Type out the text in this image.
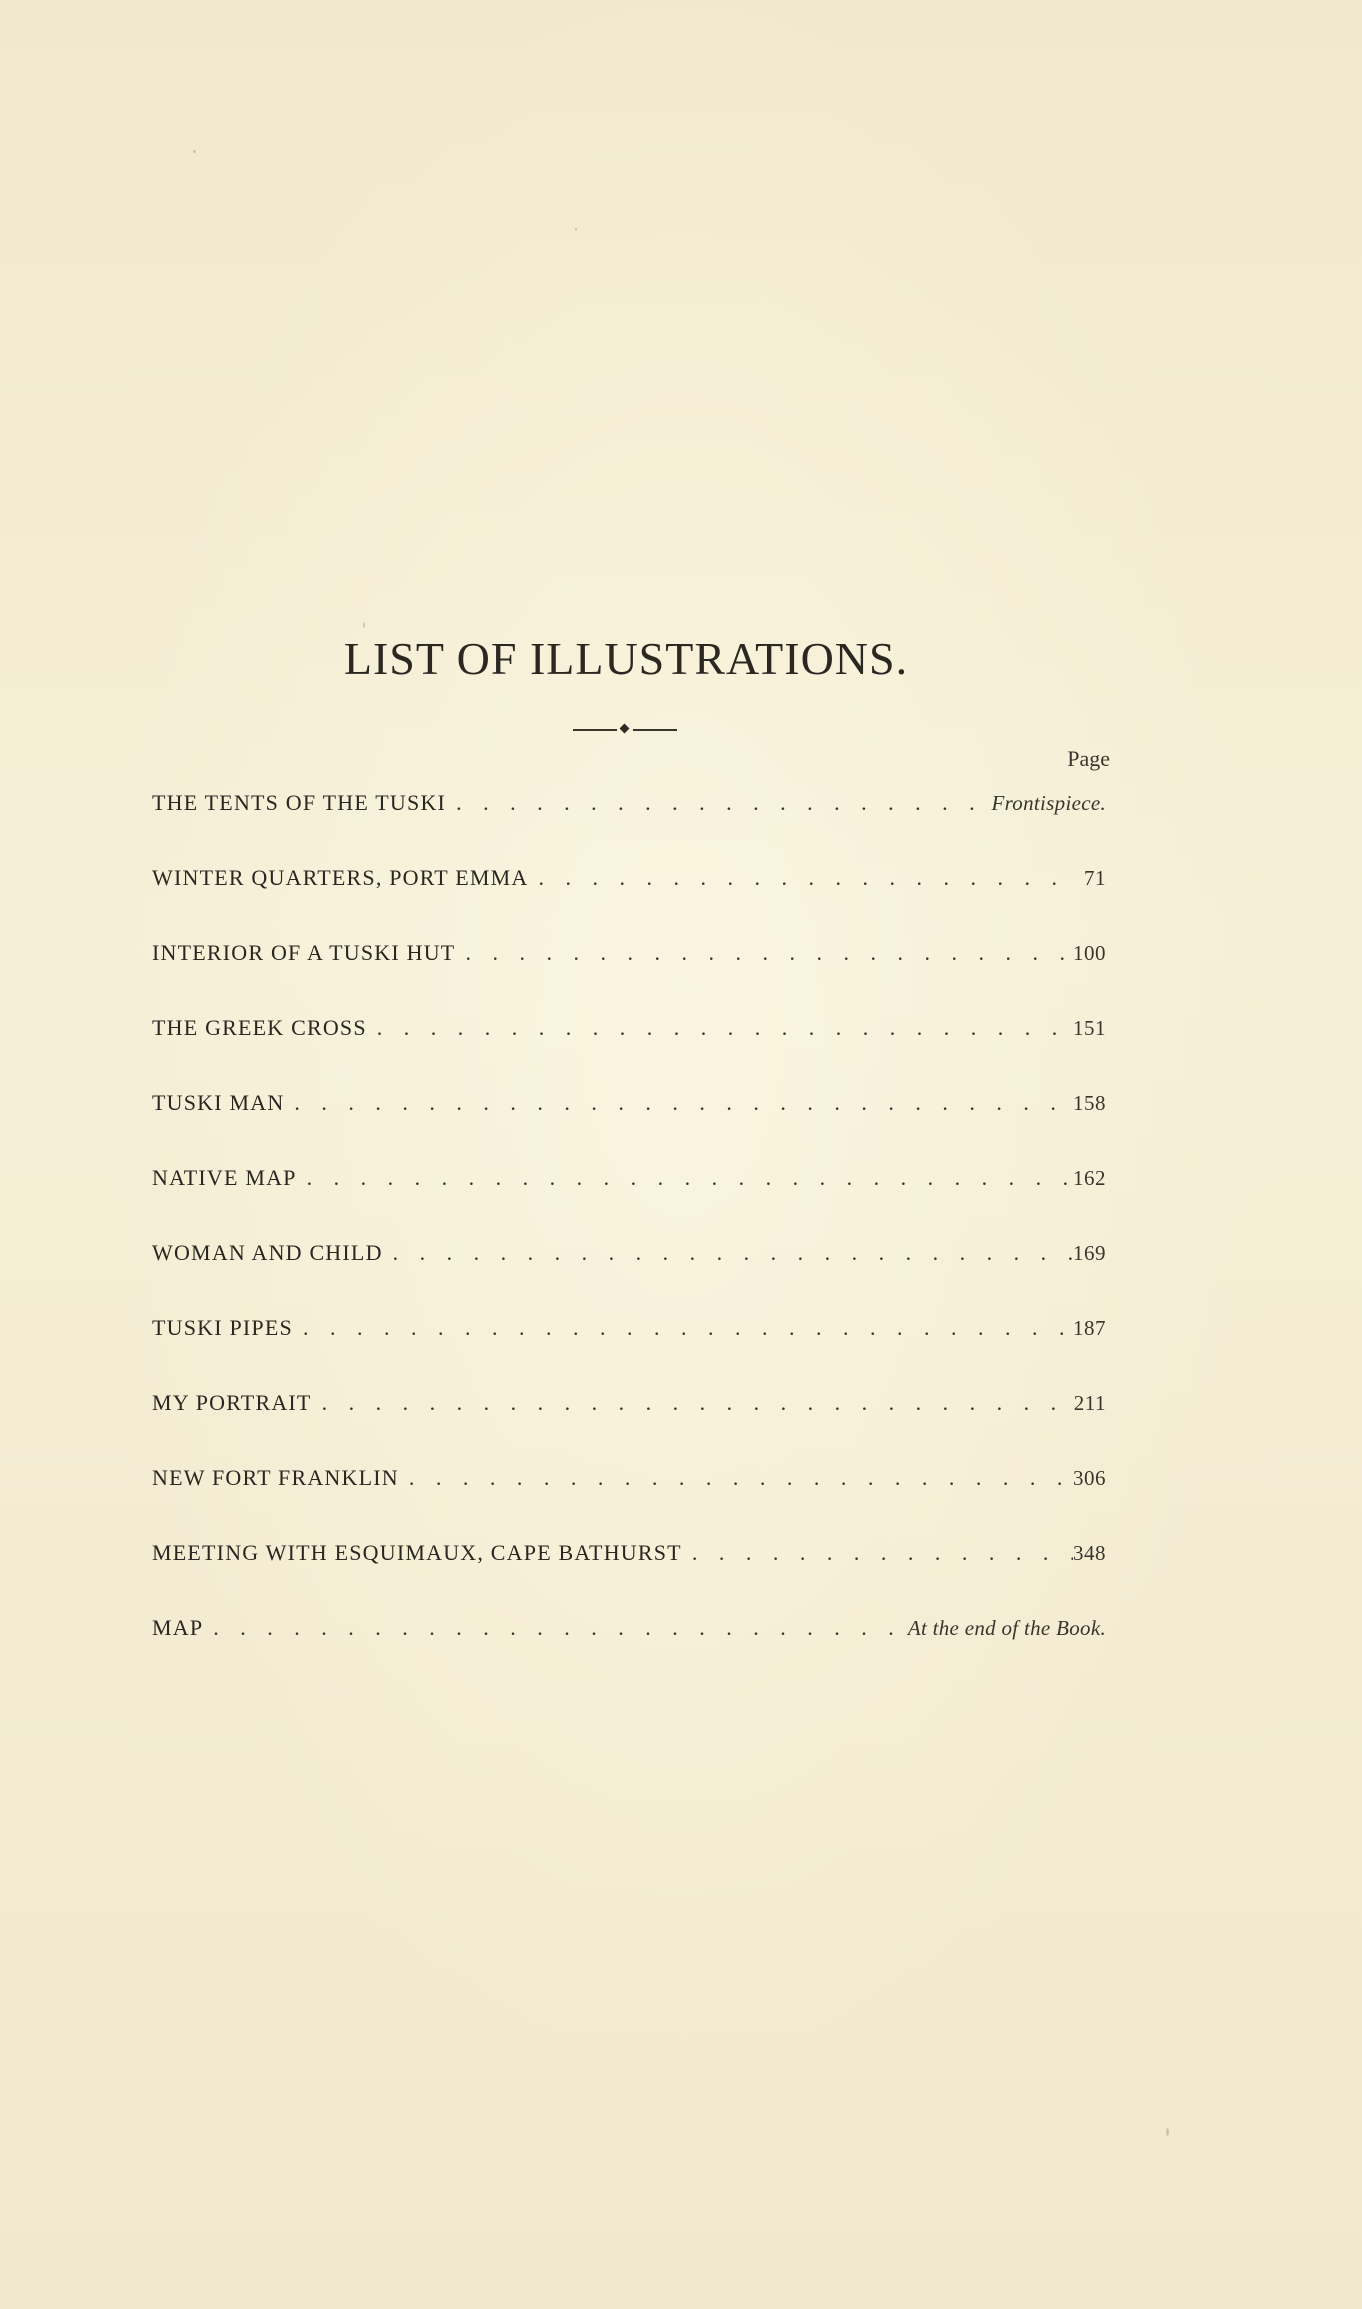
LIST OF ILLUSTRATIONS.
Page
THE TENTS OF THE TUSKI . . .	Frontispiece.
WINTER QUARTERS, PORT EMMA . . .	71
INTERIOR OF A TUSKI HUT . . .	100
THE GREEK CROSS . . .	151
TUSKI MAN . . .	158
NATIVE MAP . . .	162
WOMAN AND CHILD . . .	169
TUSKI PIPES . . .	187
MY PORTRAIT . . .	211
NEW FORT FRANKLIN . . .	306
MEETING WITH ESQUIMAUX, CAPE BATHURST . . .	348
MAP . . .	At the end of the Book.
